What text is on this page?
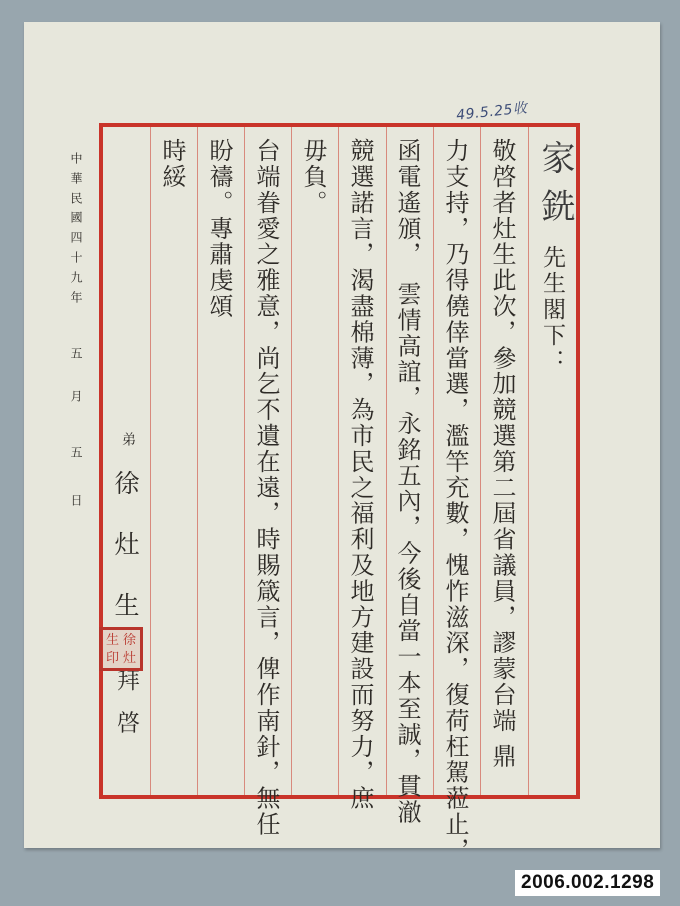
49.5.25收
家銑
先生閣下：
敬啓者灶生此次，參加競選第二屆省議員，謬蒙台端 鼎
力支持，乃得僥倖當選，濫竿充數，愧怍滋深，復荷枉駕蒞止，
函電遙頒，　雲情高誼，永銘五內，今後自當一本至誠，貫澈
競選諾言，渴盡棉薄，為市民之福利及地方建設而努力，庶
毋負。
台端眷愛之雅意，尚乞不遺在遠，時賜箴言，俾作南針，無任
盼禱。專肅虔頌
時綏
弟
徐 灶 生
拜 啓
徐
灶
生
印
中 華 民 國 四 十 九 年 五 月 五 日
2006.002.1298
